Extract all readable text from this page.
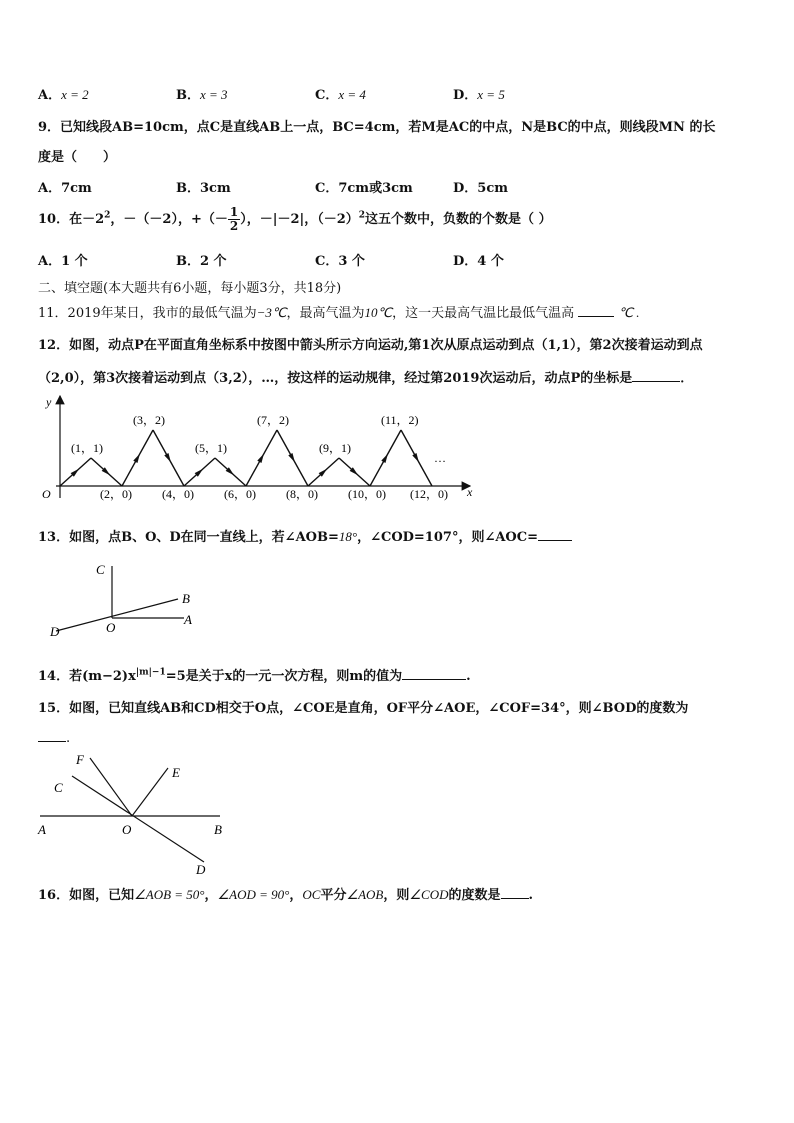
A．x = 2	B．x = 3	C．x = 4	D．x = 5
9．已知线段AB=10cm，点C是直线AB上一点，BC=4cm，若M是AC的中点，N是BC的中点，则线段MN 的长
度是（　　）
A．7cm	B．3cm	C．7cm或3cm	D．5cm
10．在$-2^2$，－（－2），+（－ $\frac{1}{2}$ ），－|－2|，$(-2)^2$这五个数中，负数的个数是（ ）
A．1 个	B．2 个	C．3 个	D．4 个
二、填空题(本大题共有6小题，每小题3分，共18分)
11．2019年某日，我市的最低气温为−3℃，最高气温为10℃，这一天最高气温比最低气温高	℃ .
12．如图，动点P在平面直角坐标系中按图中箭头所示方向运动,第1次从原点运动到点（1,1），第2次接着运动到点
（2,0），第3次接着运动到点（3,2），…，按这样的运动规律，经过第2019次运动后，动点P的坐标是	．
y
x
O
…
(1，1)
(3，2)
(5，1)
(7，2)
(9，1)
(11，2)
(2，0)	(4，0)	(6，0)	(8，0)	(10，0) (12，0)
13．如图，点B、O、D在同一直线上，若∠AOB=18°，∠COD=107°，则∠AOC=
C
B
D	O
A
14．若$(m-2)x^{|m|-1}=5$是关于x的一元一次方程，则m的值为	.
15．如图，已知直线AB和CD相交于O点，∠COE是直角，OF平分∠AOE，∠COF=34°，则∠BOD的度数为
.
F
E
C
A	O	B
D
16．如图，已知∠AOB = 50°，∠AOD = 90°，OC平分∠AOB，则∠COD的度数是 .
